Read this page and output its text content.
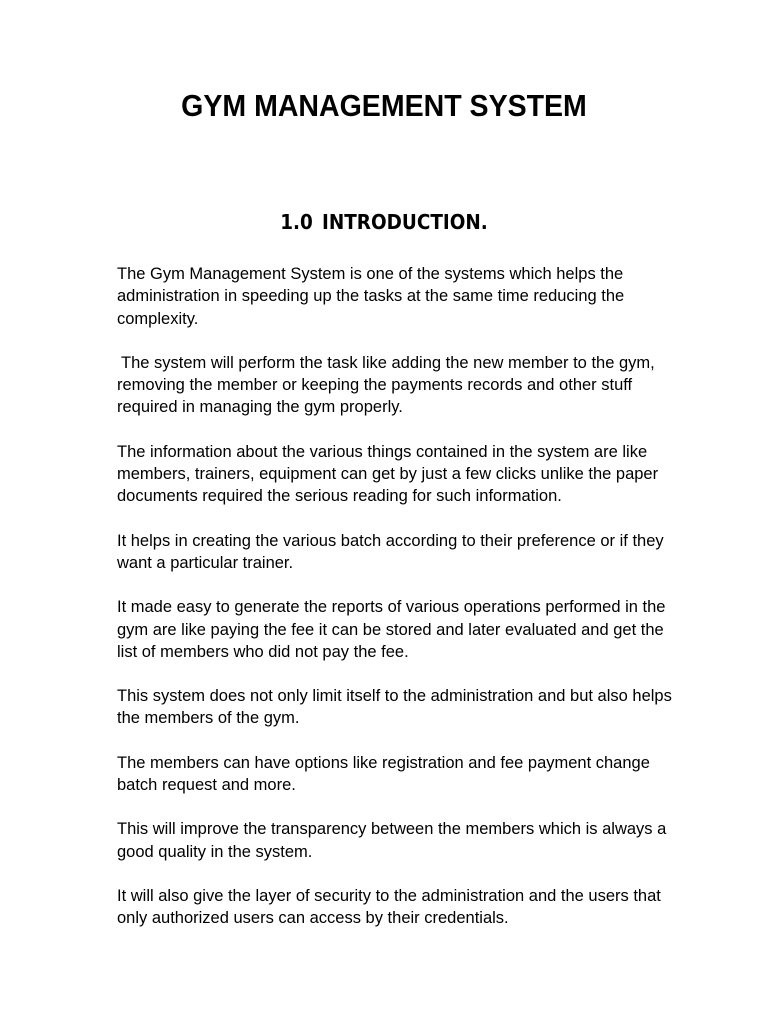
GYM MANAGEMENT SYSTEM
1.0 INTRODUCTION.

The Gym Management System is one of the systems which helps the administration in speeding up the tasks at the same time reducing the complexity.

The system will perform the task like adding the new member to the gym, removing the member or keeping the payments records and other stuff required in managing the gym properly.

The information about the various things contained in the system are like members, trainers, equipment can get by just a few clicks unlike the paper documents required the serious reading for such information.

It helps in creating the various batch according to their preference or if they want a particular trainer.

It made easy to generate the reports of various operations performed in the gym are like paying the fee it can be stored and later evaluated and get the list of members who did not pay the fee.

This system does not only limit itself to the administration and but also helps the members of the gym.

The members can have options like registration and fee payment change batch request and more.

This will improve the transparency between the members which is always a good quality in the system.

It will also give the layer of security to the administration and the users that only authorized users can access by their credentials.
